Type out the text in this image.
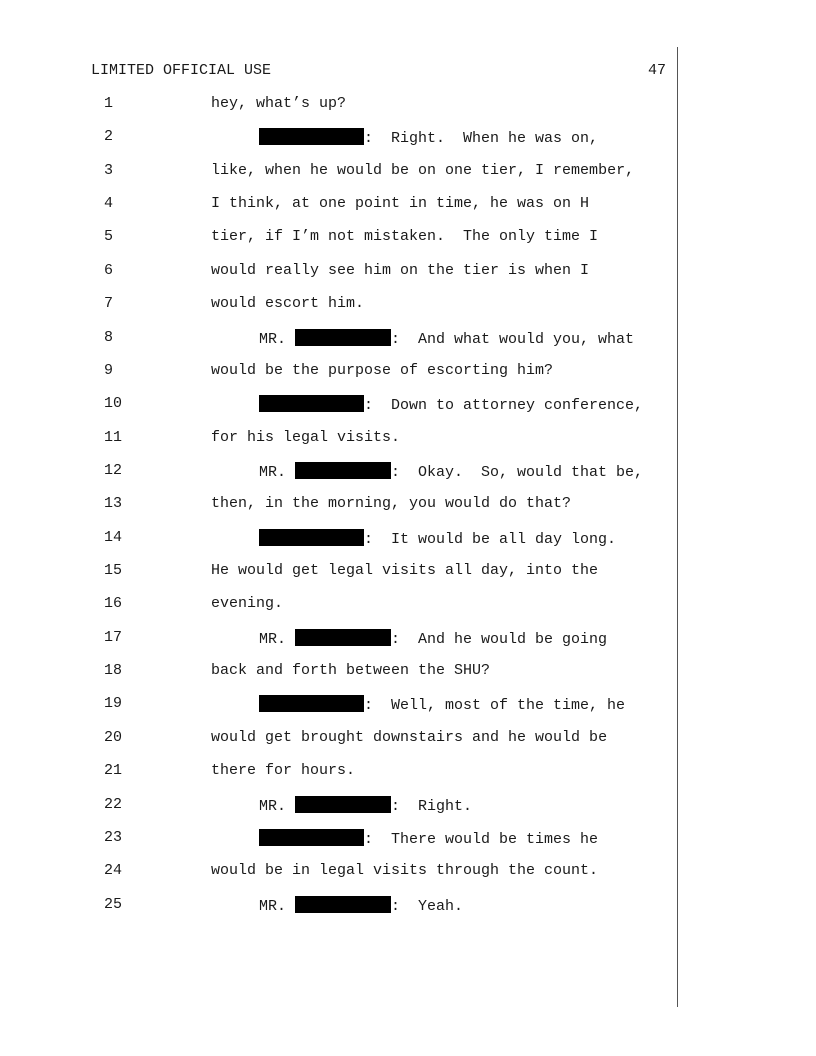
LIMITED OFFICIAL USE	47
1	hey, what’s up?
2	:  Right.  When he was on,
3	like, when he would be on one tier, I remember,
4	I think, at one point in time, he was on H
5	tier, if I’m not mistaken.  The only time I
6	would really see him on the tier is when I
7	would escort him.
8	MR.	:  And what would you, what
9	would be the purpose of escorting him?
10	:  Down to attorney conference,
11	for his legal visits.
12	MR.	:  Okay.  So, would that be,
13	then, in the morning, you would do that?
14	:  It would be all day long.
15	He would get legal visits all day, into the
16	evening.
17	MR.	:  And he would be going
18	back and forth between the SHU?
19	:  Well, most of the time, he
20	would get brought downstairs and he would be
21	there for hours.
22	MR.	:  Right.
23	:  There would be times he
24	would be in legal visits through the count.
25	MR.	:  Yeah.
